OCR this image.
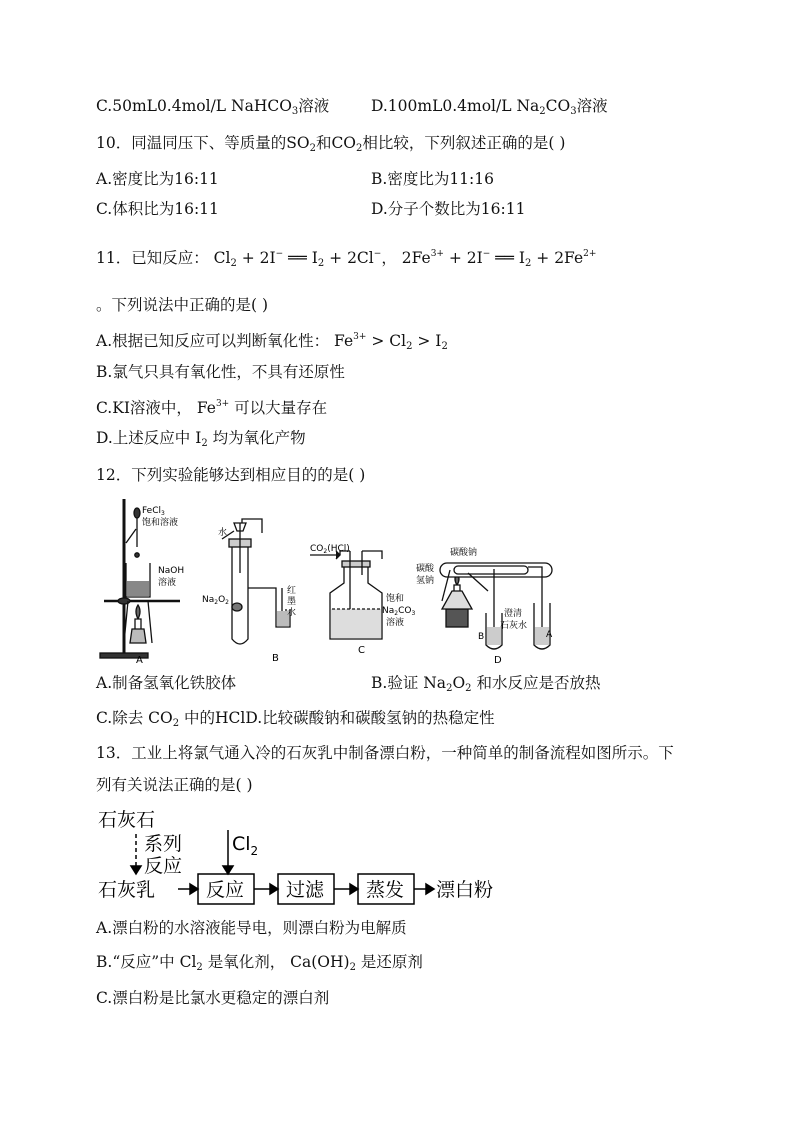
C.50mL0.4mol/L NaHCO$_3$溶液	D.100mL0.4mol/L $Na_2CO_3$溶液
10．同温同压下、等质量的$SO_2$和$CO_2$相比较，下列叙述正确的是( )
A.密度比为16:11	B.密度比为11:16
C.体积比为16:11	D.分子个数比为16:11
11．已知反应： $Cl_2 + 2I^-$ ══ $I_2 + 2Cl^-$， $2Fe^{3+} + 2I^-$ ══ $I_2 + 2Fe^{2+}$
。下列说法中正确的是( )
A.根据已知反应可以判断氧化性： $Fe^{3+} > Cl_2 > I_2$
B.氯气只具有氧化性，不具有还原性
C.KI溶液中， $Fe^{3+}$ 可以大量存在
D.上述反应中 $I_2$ 均为氧化产物
12．下列实验能够达到相应目的的是( )
FeCl$_3$
饱和溶液
NaOH
溶液
水
$Na_2O_2$
红
墨
水
$CO_2(HCl)$
饱和
$Na_2CO_3$
溶液
碳酸钠
碳酸
氢钠
澄清
石灰水
B	A
A	B
C
D
A.制备氢氧化铁胶体	B.验证 $Na_2O_2$ 和水反应是否放热
C.除去 $CO_2$ 中的HClD.比较碳酸钠和碳酸氢钠的热稳定性
13．工业上将氯气通入冷的石灰乳中制备漂白粉，一种简单的制备流程如图所示。下
列有关说法正确的是( )
石灰石
系列
反应
$Cl_2$
石灰乳	反应 过滤 蒸发 漂白粉
A.漂白粉的水溶液能导电，则漂白粉为电解质
B.“反应”中 $Cl_2$ 是氧化剂， $Ca(OH)_2$ 是还原剂
C.漂白粉是比氯水更稳定的漂白剂
